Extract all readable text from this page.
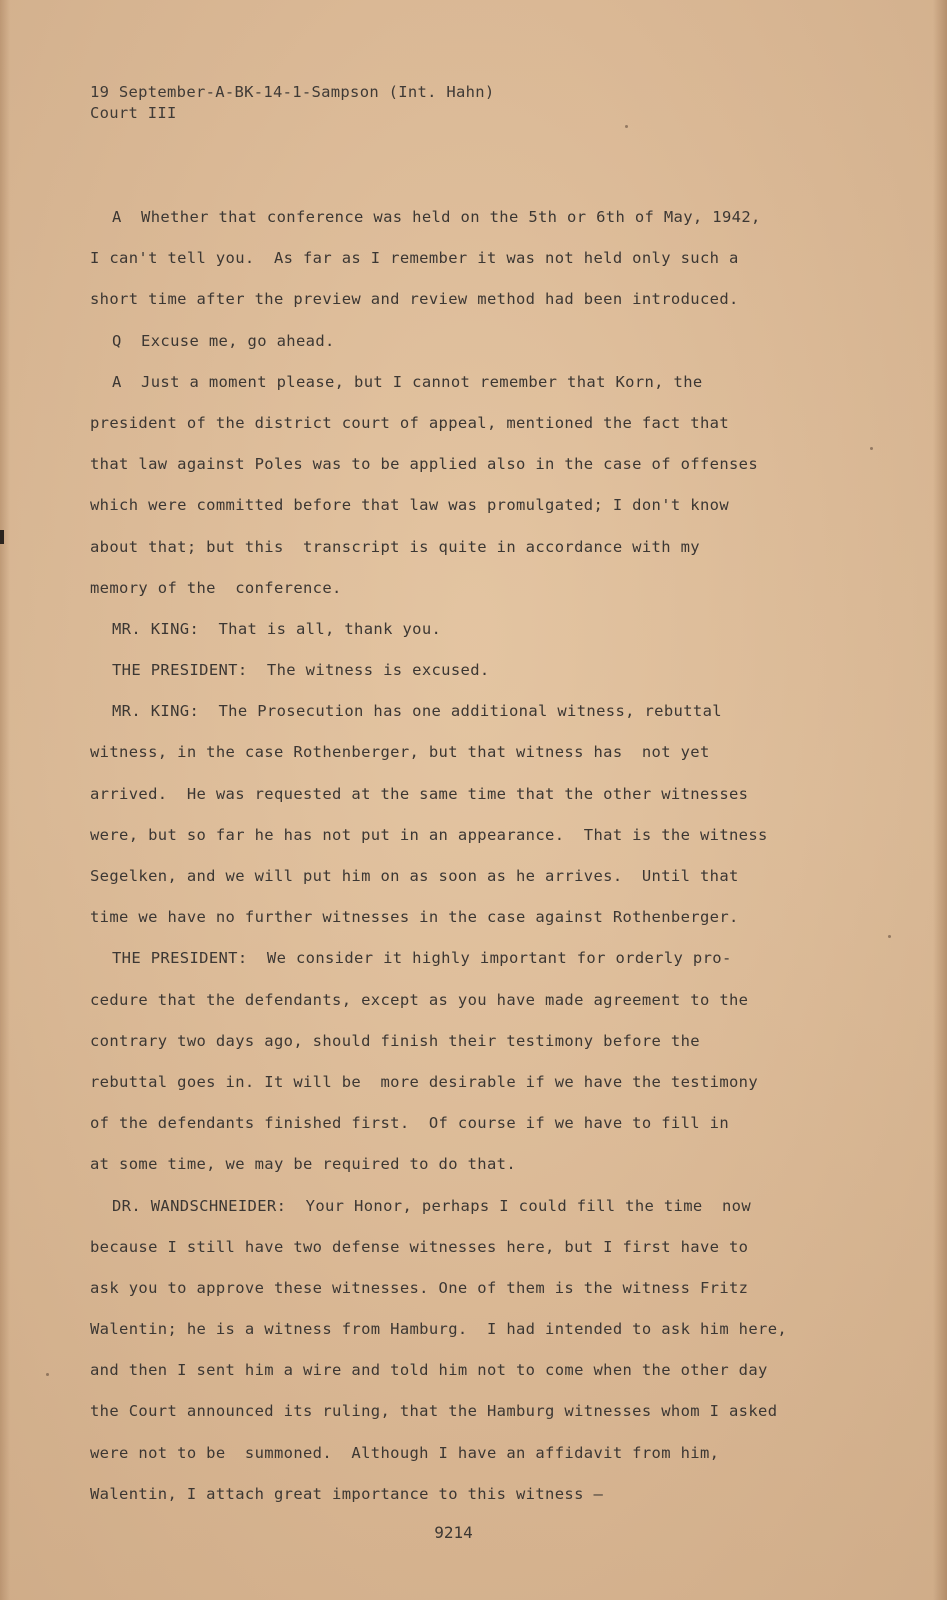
19 September-A-BK-14-1-Sampson (Int. Hahn)
Court III
A  Whether that conference was held on the 5th or 6th of May, 1942,
I can't tell you.  As far as I remember it was not held only such a
short time after the preview and review method had been introduced.
Q  Excuse me, go ahead.
A  Just a moment please, but I cannot remember that Korn, the
president of the district court of appeal, mentioned the fact that
that law against Poles was to be applied also in the case of offenses
which were committed before that law was promulgated; I don't know
about that; but this  transcript is quite in accordance with my
memory of the  conference.
MR. KING:  That is all, thank you.
THE PRESIDENT:  The witness is excused.
MR. KING:  The Prosecution has one additional witness, rebuttal
witness, in the case Rothenberger, but that witness has  not yet
arrived.  He was requested at the same time that the other witnesses
were, but so far he has not put in an appearance.  That is the witness
Segelken, and we will put him on as soon as he arrives.  Until that
time we have no further witnesses in the case against Rothenberger.
THE PRESIDENT:  We consider it highly important for orderly pro-
cedure that the defendants, except as you have made agreement to the
contrary two days ago, should finish their testimony before the
rebuttal goes in. It will be  more desirable if we have the testimony
of the defendants finished first.  Of course if we have to fill in
at some time, we may be required to do that.
DR. WANDSCHNEIDER:  Your Honor, perhaps I could fill the time  now
because I still have two defense witnesses here, but I first have to
ask you to approve these witnesses. One of them is the witness Fritz
Walentin; he is a witness from Hamburg.  I had intended to ask him here,
and then I sent him a wire and told him not to come when the other day
the Court announced its ruling, that the Hamburg witnesses whom I asked
were not to be  summoned.  Although I have an affidavit from him,
Walentin, I attach great importance to this witness —
9214
